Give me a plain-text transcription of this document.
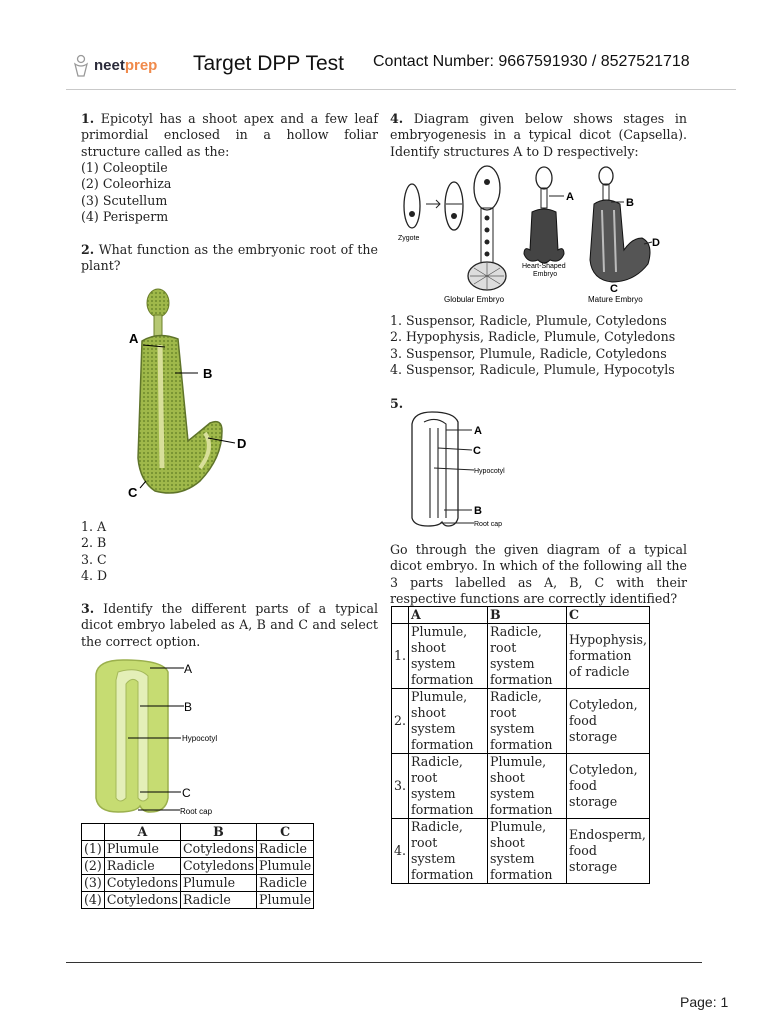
neetprep Target DPP Test Contact Number: 9667591930 / 8527521718
1. Epicotyl has a shoot apex and a few leaf primordial enclosed in a hollow foliar structure called as the:
(1) Coleoptile
(2) Coleorhiza
(3) Scutellum
(4) Perisperm
2. What function as the embryonic root of the plant?
A
B
D
C
1. A
2. B
3. C
4. D
3. Identify the different parts of a typical dicot embryo labeled as A, B and C and select the correct option.
A
B
Hypocotyl
C
Root cap
	A	B	C
(1)	Plumule	Cotyledons	Radicle
(2)	Radicle	Cotyledons	Plumule
(3)	Cotyledons	Plumule	Radicle
(4)	Cotyledons	Radicle	Plumule
4. Diagram given below shows stages in embryogenesis in a typical dicot (Capsella). Identify structures A to D respectively:
Zygote
Globular Embryo
A
Heart-Shaped
Embryo
B
D
C
Mature Embryo
1. Suspensor, Radicle, Plumule, Cotyledons
2. Hypophysis, Radicle, Plumule, Cotyledons
3. Suspensor, Plumule, Radicle, Cotyledons
4. Suspensor, Radicule, Plumule, Hypocotyls
5.
A
C
Hypocotyl
B
Root cap
Go through the given diagram of a typical dicot embryo. In which of the following all the 3 parts labelled as A, B, C with their respective functions are correctly identified?
	A	B	C
1.	Plumule, shoot system formation	Radicle, root system formation	Hypophysis, formation of radicle
2.	Plumule, shoot system formation	Radicle, root system formation	Cotyledon, food storage
3.	Radicle, root system formation	Plumule, shoot system formation	Cotyledon, food storage
4.	Radicle, root system formation	Plumule, shoot system formation	Endosperm, food storage
Page: 1
